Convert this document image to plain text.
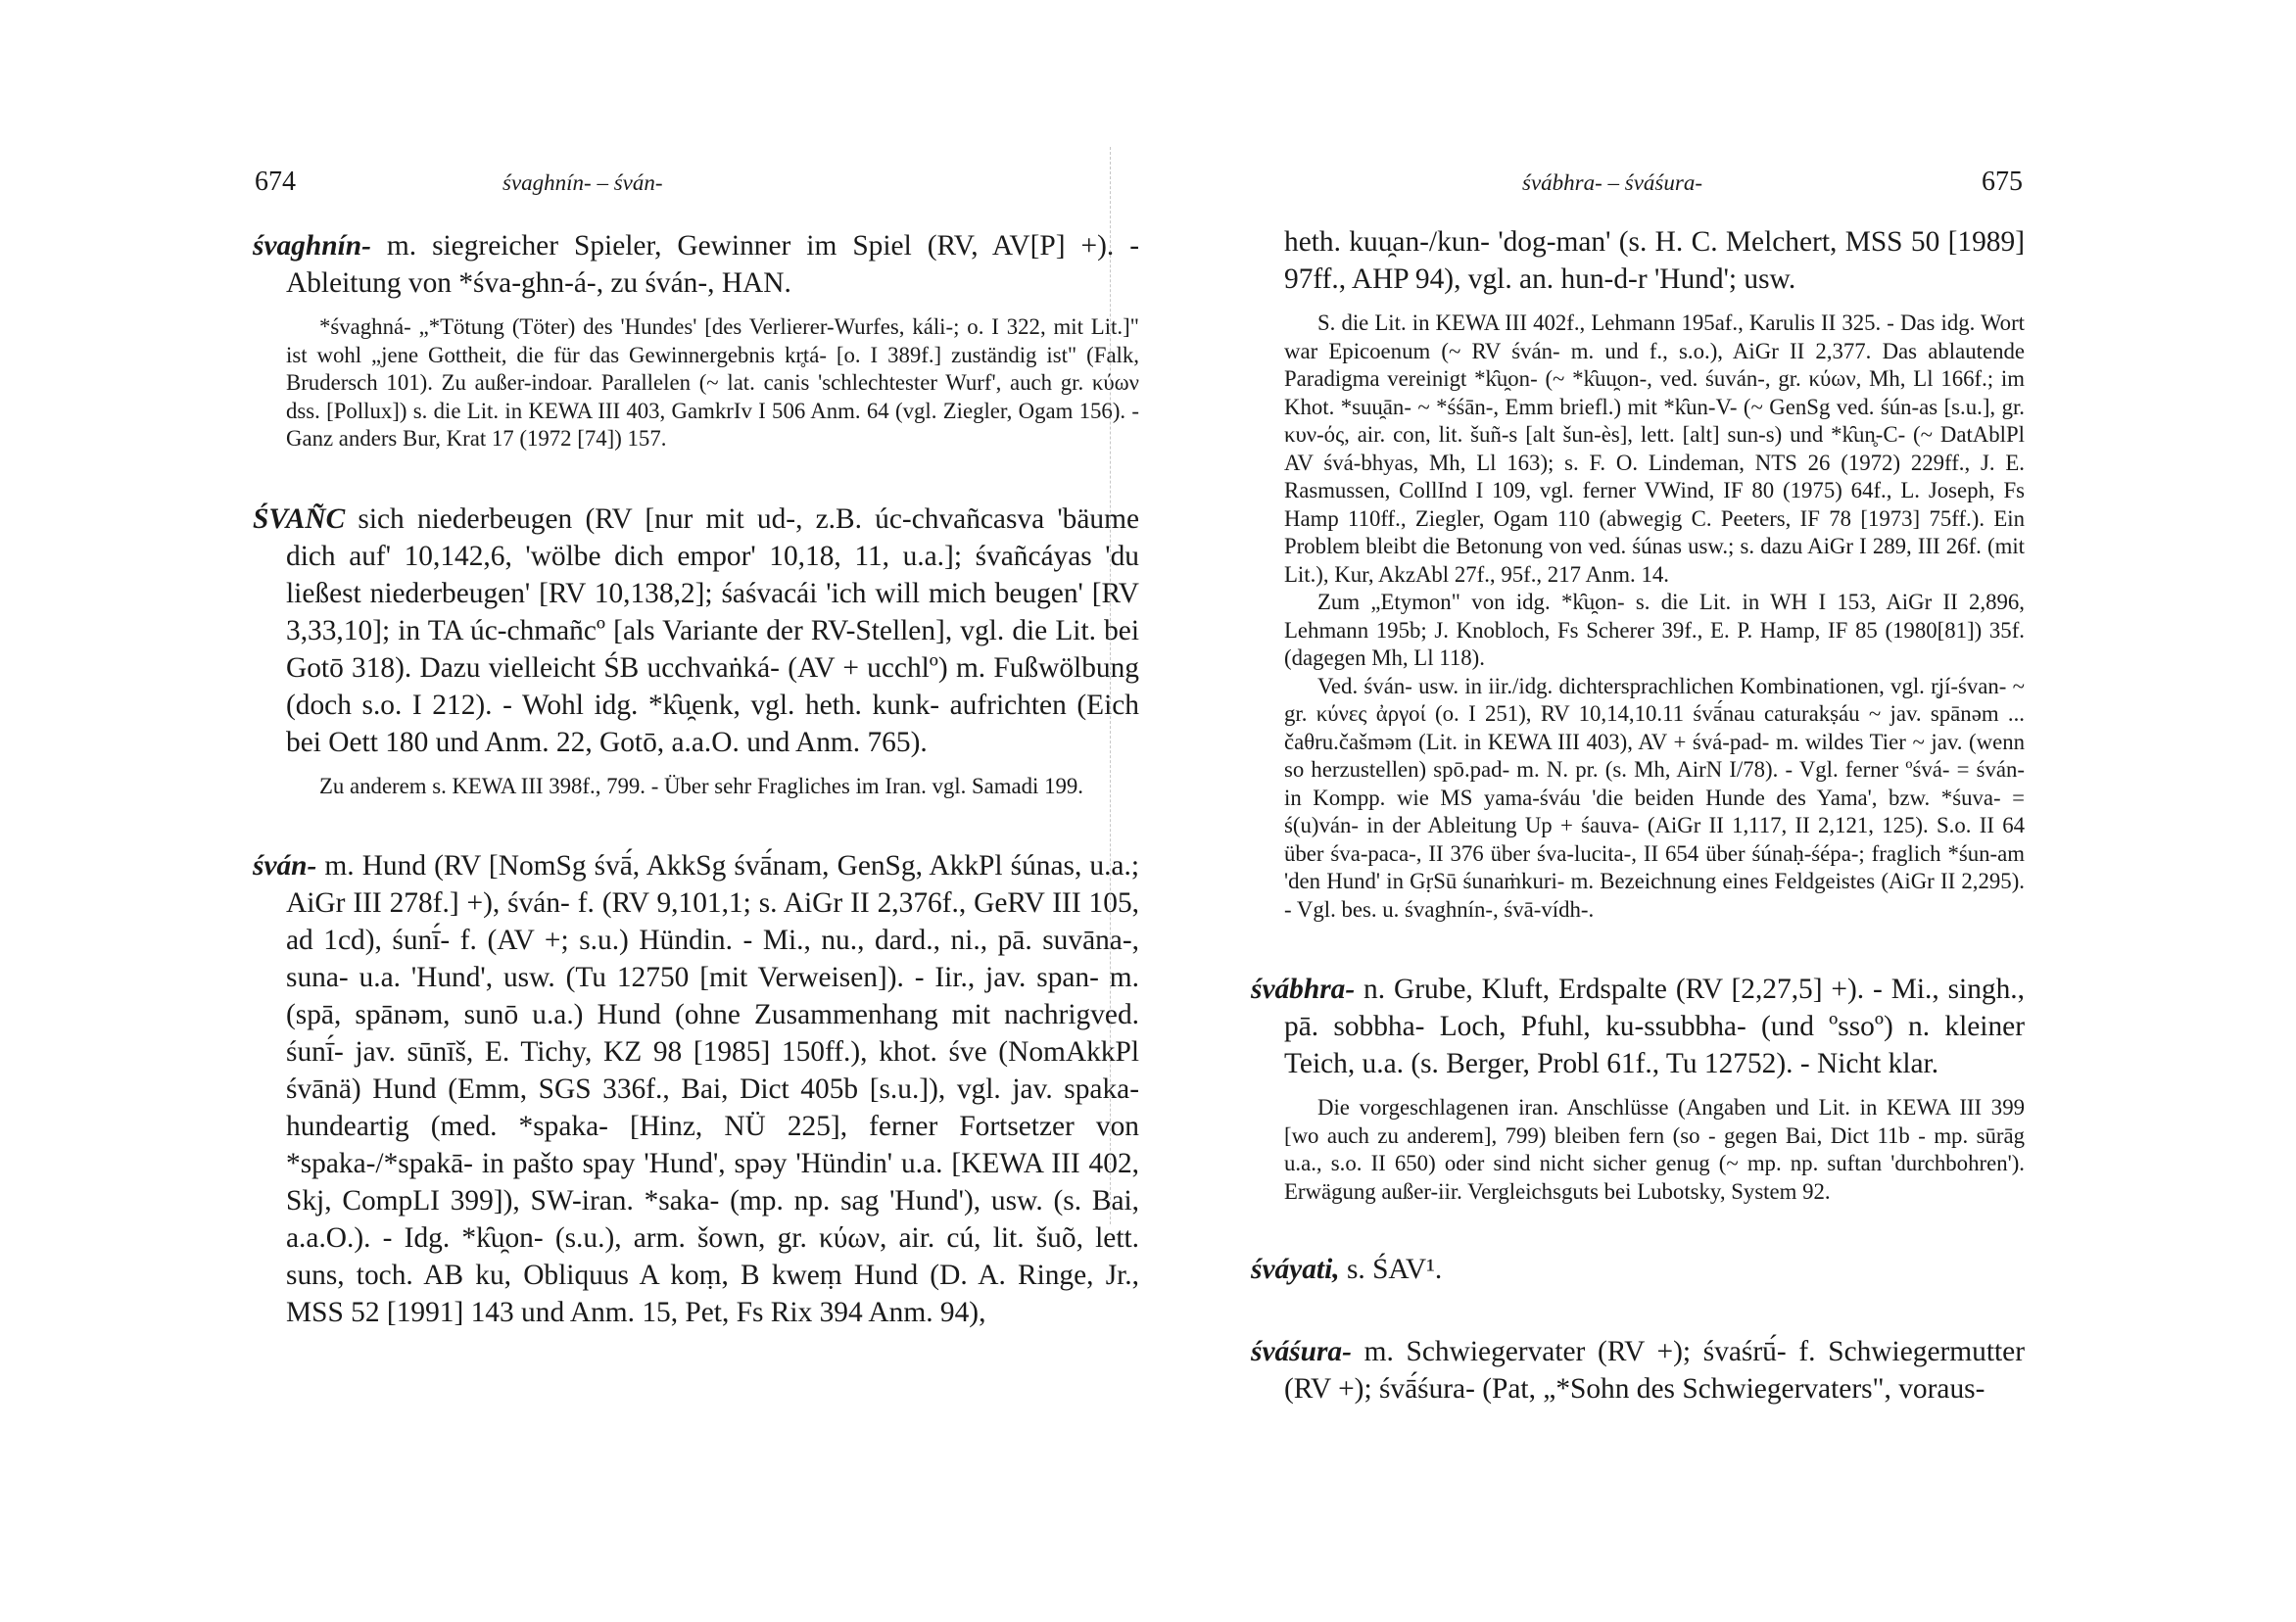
674	śvaghnín- – śván-

śvaghnín- m. siegreicher Spieler, Gewinner im Spiel (RV, AV[P] +). - Ableitung von *śva-ghn-á-, zu śván-, HAN.

*śvaghná- „*Tötung (Töter) des 'Hundes' [des Verlierer-Wurfes, káli-; o. I 322, mit Lit.]" ist wohl „jene Gottheit, die für das Gewinnergebnis kr̥tá- [o. I 389f.] zuständig ist" (Falk, Brudersch 101). Zu außer-indoar. Parallelen (~ lat. canis 'schlechtester Wurf', auch gr. κύων dss. [Pollux]) s. die Lit. in KEWA III 403, GamkrIv I 506 Anm. 64 (vgl. Ziegler, Ogam 156). - Ganz anders Bur, Krat 17 (1972 [74]) 157.

ŚVAÑC sich niederbeugen (RV [nur mit ud-, z.B. úc-chvañcasva 'bäume dich auf' 10,142,6, 'wölbe dich empor' 10,18, 11, u.a.]; śvañcáyas 'du ließest niederbeugen' [RV 10,138,2]; śaśvacái 'ich will mich beugen' [RV 3,33,10]; in TA úc-chmañcº [als Variante der RV-Stellen], vgl. die Lit. bei Gotō 318). Dazu vielleicht ŚB ucchvaṅká- (AV + ucchlº) m. Fußwölbung (doch s.o. I 212). - Wohl idg. *k̑u̯enk, vgl. heth. kunk- aufrichten (Eich bei Oett 180 und Anm. 22, Gotō, a.a.O. und Anm. 765).

Zu anderem s. KEWA III 398f., 799. - Über sehr Fragliches im Iran. vgl. Samadi 199.

śván- m. Hund (RV [NomSg śvā́, AkkSg śvā́nam, GenSg, AkkPl śúnas, u.a.; AiGr III 278f.] +), śván- f. (RV 9,101,1; s. AiGr II 2,376f., GeRV III 105, ad 1cd), śunī́- f. (AV +; s.u.) Hündin. - Mi., nu., dard., ni., pā. suvāna-, suna- u.a. 'Hund', usw. (Tu 12750 [mit Verweisen]). - Iir., jav. span- m. (spā, spānəm, sunō u.a.) Hund (ohne Zusammenhang mit nachrigved. śunī́- jav. sūnīš, E. Tichy, KZ 98 [1985] 150ff.), khot. śve (NomAkkPl śvānä) Hund (Emm, SGS 336f., Bai, Dict 405b [s.u.]), vgl. jav. spaka- hundeartig (med. *spaka- [Hinz, NÜ 225], ferner Fortsetzer von *spaka-/*spakā- in pašto spay 'Hund', spəy 'Hündin' u.a. [KEWA III 402, Skj, CompLI 399]), SW-iran. *saka- (mp. np. sag 'Hund'), usw. (s. Bai, a.a.O.). - Idg. *k̑u̯on- (s.u.), arm. šown, gr. κύων, air. cú, lit. šuõ, lett. suns, toch. AB ku, Obliquus A koṃ, B kweṃ Hund (D. A. Ringe, Jr., MSS 52 [1991] 143 und Anm. 15, Pet, Fs Rix 394 Anm. 94),

śvábhra- – śváśura-	675

heth. kuu̯an-/kun- 'dog-man' (s. H. C. Melchert, MSS 50 [1989] 97ff., AHP 94), vgl. an. hun-d-r 'Hund'; usw.

S. die Lit. in KEWA III 402f., Lehmann 195af., Karulis II 325. - Das idg. Wort war Epicoenum (~ RV śván- m. und f., s.o.), AiGr II 2,377. Das ablautende Paradigma vereinigt *k̑u̯on- (~ *k̑uu̯on-, ved. śuván-, gr. κύων, Mh, Ll 166f.; im Khot. *suu̯ān- ~ *śśān-, Emm briefl.) mit *k̑un-V- (~ GenSg ved. śún-as [s.u.], gr. κυν-ός, air. con, lit. šuñ-s [alt šun-ès], lett. [alt] sun-s) und *k̑un̥-C- (~ DatAblPl AV śvá-bhyas, Mh, Ll 163); s. F. O. Lindeman, NTS 26 (1972) 229ff., J. E. Rasmussen, CollInd I 109, vgl. ferner VWind, IF 80 (1975) 64f., L. Joseph, Fs Hamp 110ff., Ziegler, Ogam 110 (abwegig C. Peeters, IF 78 [1973] 75ff.). Ein Problem bleibt die Betonung von ved. śúnas usw.; s. dazu AiGr I 289, III 26f. (mit Lit.), Kur, AkzAbl 27f., 95f., 217 Anm. 14.

Zum „Etymon" von idg. *k̑u̯on- s. die Lit. in WH I 153, AiGr II 2,896, Lehmann 195b; J. Knobloch, Fs Scherer 39f., E. P. Hamp, IF 85 (1980[81]) 35f. (dagegen Mh, Ll 118).

Ved. śván- usw. in iir./idg. dichtersprachlichen Kombinationen, vgl. r̥jí-śvan- ~ gr. κύνες ἀργοί (o. I 251), RV 10,14,10.11 śvā́nau caturakṣáu ~ jav. spānəm ... čaθru.čašməm (Lit. in KEWA III 403), AV + śvá-pad- m. wildes Tier ~ jav. (wenn so herzustellen) spō.pad- m. N. pr. (s. Mh, AirN I/78). - Vgl. ferner ºśvá- = śván- in Kompp. wie MS yama-śváu 'die beiden Hunde des Yama', bzw. *śuva- = ś(u)ván- in der Ableitung Up + śauva- (AiGr II 1,117, II 2,121, 125). S.o. II 64 über śva-paca-, II 376 über śva-lucita-, II 654 über śúnaḥ-śépa-; fraglich *śun-am 'den Hund' in GṛSū śunaṁkuri- m. Bezeichnung eines Feldgeistes (AiGr II 2,295). - Vgl. bes. u. śvaghnín-, śvā-vídh-.

śvábhra- n. Grube, Kluft, Erdspalte (RV [2,27,5] +). - Mi., singh., pā. sobbha- Loch, Pfuhl, ku-ssubbha- (und ºssoº) n. kleiner Teich, u.a. (s. Berger, Probl 61f., Tu 12752). - Nicht klar.

Die vorgeschlagenen iran. Anschlüsse (Angaben und Lit. in KEWA III 399 [wo auch zu anderem], 799) bleiben fern (so - gegen Bai, Dict 11b - mp. sūrāg u.a., s.o. II 650) oder sind nicht sicher genug (~ mp. np. suftan 'durchbohren'). Erwägung außer-iir. Vergleichsguts bei Lubotsky, System 92.

śváyati, s. ŚAV¹.

śváśura- m. Schwiegervater (RV +); śvaśrū́- f. Schwiegermutter (RV +); śvā́śura- (Pat, „*Sohn des Schwiegervaters", voraus-
